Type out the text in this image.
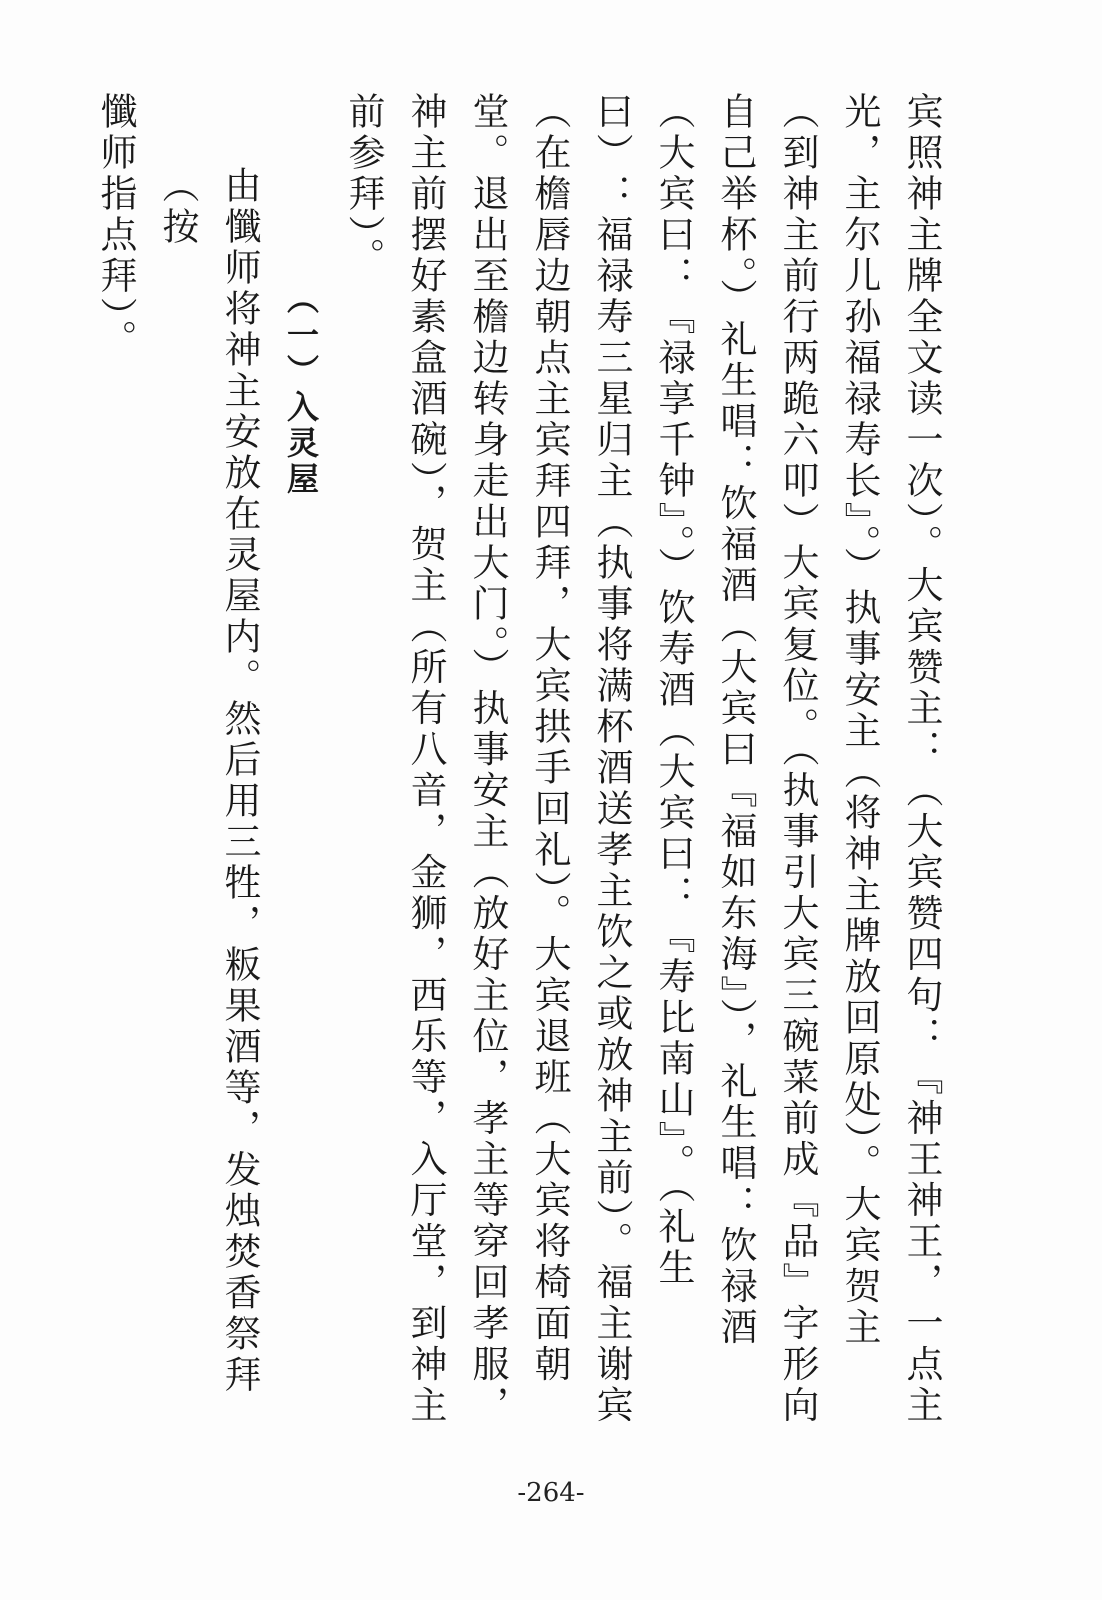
宾照神主牌全文读一次）。大宾赞主：（大宾赞四句：『神王神王，一点主
光，主尔儿孙福禄寿长』。）执事安主（将神主牌放回原处）。大宾贺主
（到神主前行两跪六叩）大宾复位。（执事引大宾三碗菜前成『品』字形向
自己举杯。）礼生唱：饮福酒（大宾曰『福如东海』），礼生唱：饮禄酒
（大宾曰：『禄享千钟』。）饮寿酒（大宾曰：『寿比南山』。（礼生
曰）：福禄寿三星归主（执事将满杯酒送孝主饮之或放神主前）。福主谢宾
（在檐唇边朝点主宾拜四拜，大宾拱手回礼）。大宾退班（大宾将椅面朝
堂。退出至檐边转身走出大门。）执事安主（放好主位，孝主等穿回孝服，
神主前摆好素盒酒碗），贺主（所有八音，金狮，西乐等，入厅堂，到神主
前参拜）。
（一）入灵屋
由懺师将神主安放在灵屋内。然后用三牲，粄果酒等，发烛焚香祭拜（按
懺师指点拜）。
-264-
